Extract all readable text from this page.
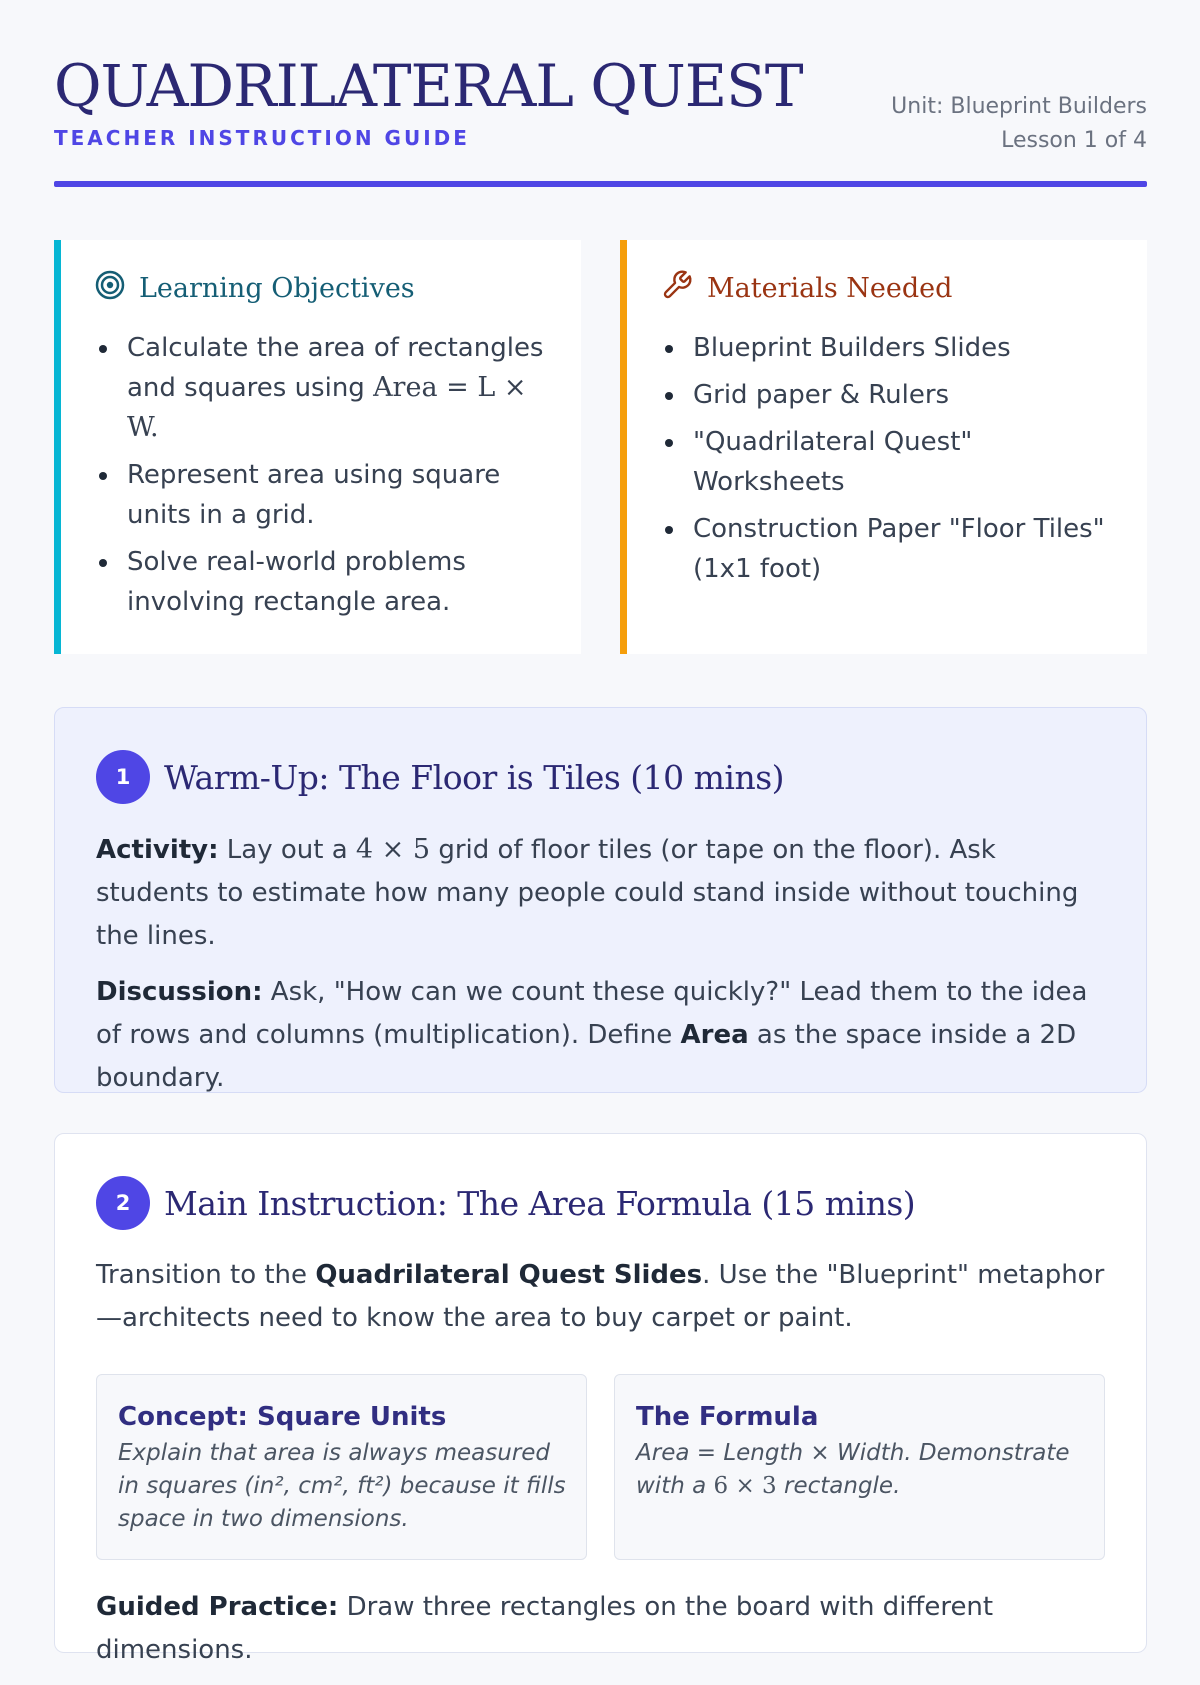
QUADRILATERAL QUEST
TEACHER INSTRUCTION GUIDE
Unit: Blueprint Builders
Lesson 1 of 4
Learning Objectives
Calculate the area of rectangles and squares using Area = L × W.
Represent area using square units in a grid.
Solve real-world problems involving rectangle area.
Materials Needed
Blueprint Builders Slides
Grid paper & Rulers
"Quadrilateral Quest" Worksheets
Construction Paper "Floor Tiles" (1x1 foot)
1	Warm-Up: The Floor is Tiles (10 mins)

Activity: Lay out a 4 × 5 grid of floor tiles (or tape on the floor). Ask students to estimate how many people could stand inside without touching the lines.

Discussion: Ask, "How can we count these quickly?" Lead them to the idea of rows and columns (multiplication). Define Area as the space inside a 2D boundary.

2	Main Instruction: The Area Formula (15 mins)

Transition to the Quadrilateral Quest Slides. Use the "Blueprint" metaphor—architects need to know the area to buy carpet or paint.

Concept: Square Units
Explain that area is always measured in squares (in², cm², ft²) because it fills space in two dimensions.
The Formula
Area = Length × Width. Demonstrate with a 6 × 3 rectangle.

Guided Practice: Draw three rectangles on the board with different dimensions.
